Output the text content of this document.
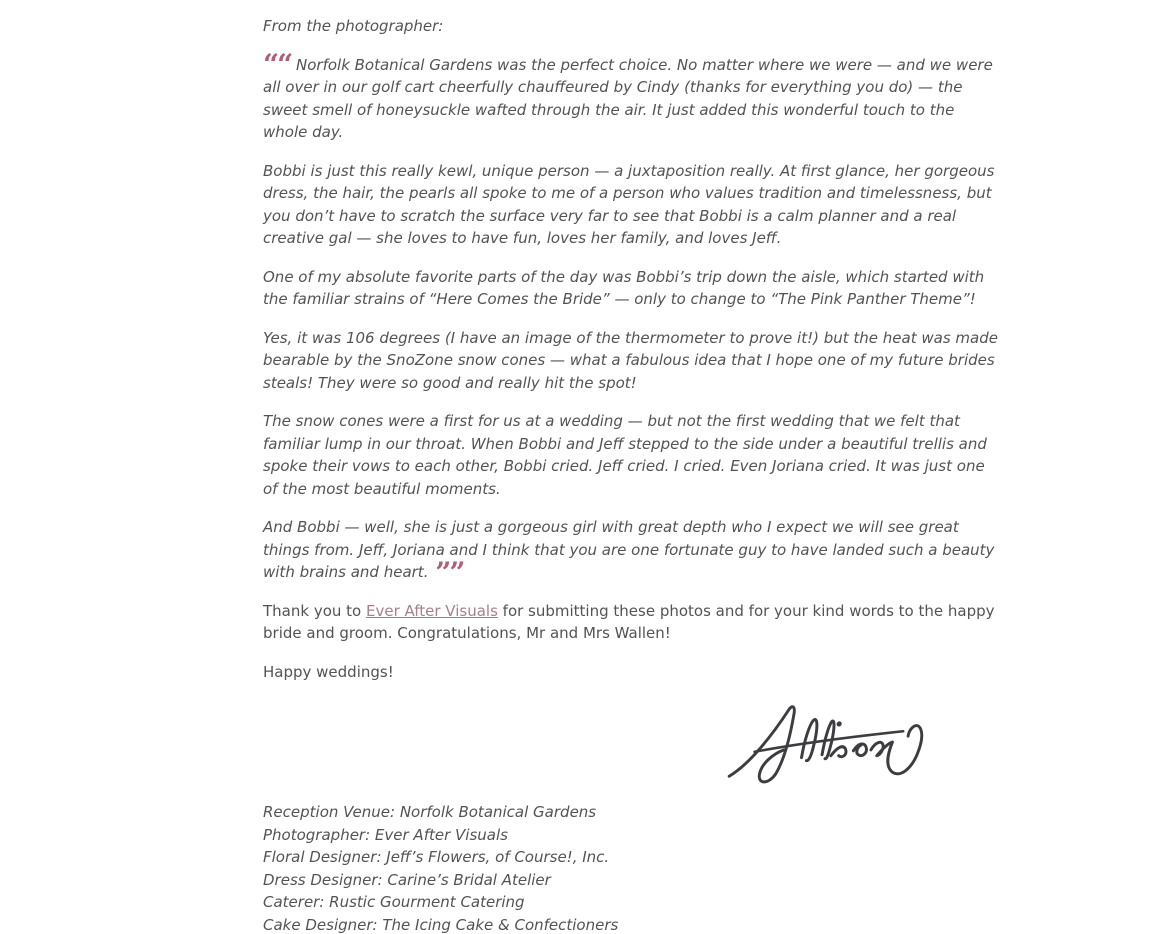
From the photographer:

““ Norfolk Botanical Gardens was the perfect choice. No matter where we were — and we were all over in our golf cart cheerfully chauffeured by Cindy (thanks for everything you do) — the sweet smell of honeysuckle wafted through the air. It just added this wonderful touch to the whole day.

Bobbi is just this really kewl, unique person — a juxtaposition really. At first glance, her gorgeous dress, the hair, the pearls all spoke to me of a person who values tradition and timelessness, but you don’t have to scratch the surface very far to see that Bobbi is a calm planner and a real creative gal — she loves to have fun, loves her family, and loves Jeff.

One of my absolute favorite parts of the day was Bobbi’s trip down the aisle, which started with the familiar strains of “Here Comes the Bride” — only to change to “The Pink Panther Theme”!

Yes, it was 106 degrees (I have an image of the thermometer to prove it!) but the heat was made bearable by the SnoZone snow cones — what a fabulous idea that I hope one of my future brides steals! They were so good and really hit the spot!

The snow cones were a first for us at a wedding — but not the first wedding that we felt that familiar lump in our throat. When Bobbi and Jeff stepped to the side under a beautiful trellis and spoke their vows to each other, Bobbi cried. Jeff cried. I cried. Even Joriana cried. It was just one of the most beautiful moments.

And Bobbi — well, she is just a gorgeous girl with great depth who I expect we will see great things from. Jeff, Joriana and I think that you are one fortunate guy to have landed such a beauty with brains and heart. ””

Thank you to Ever After Visuals for submitting these photos and for your kind words to the happy bride and groom. Congratulations, Mr and Mrs Wallen!

Happy weddings!

Reception Venue: Norfolk Botanical Gardens
Photographer: Ever After Visuals
Floral Designer: Jeff’s Flowers, of Course!, Inc.
Dress Designer: Carine’s Bridal Atelier
Caterer: Rustic Gourment Catering
Cake Designer: The Icing Cake & Confectioners
